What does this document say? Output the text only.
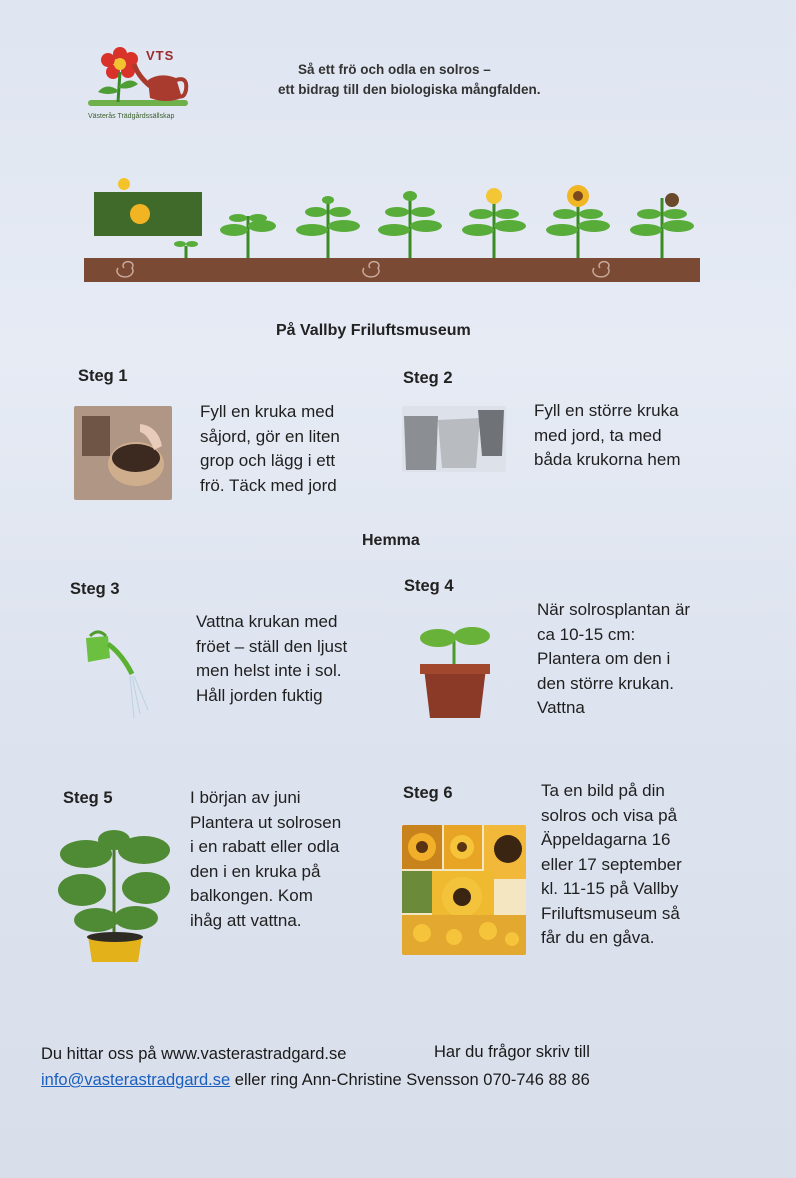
VTS
Västerås Trädgårdssällskap
Så ett frö och odla en solros –
ett bidrag till den biologiska mångfalden.
På Vallby Friluftsmuseum
Steg 1
Fyll en kruka med
såjord, gör en liten
grop och lägg i ett
frö. Täck med jord
Steg 2
Fyll en större kruka
med jord, ta med
båda krukorna hem
Hemma
Steg 3
Vattna krukan med
fröet – ställ den ljust
men helst inte i sol.
Håll jorden fuktig
Steg 4
När solrosplantan är
ca 10-15 cm:
Plantera om den i
den större krukan.
Vattna
Steg 5	I början av juni
Plantera ut solrosen
i en rabatt eller odla
den i en kruka på
balkongen. Kom
ihåg att vattna.
Steg 6	Ta en bild på din
solros och visa på
Äppeldagarna 16
eller 17 september
kl. 11-15 på Vallby
Friluftsmuseum så
får du en gåva.
Du hittar oss på www.vasterastradgard.se	Har du frågor skriv till
info@vasterastradgard.se eller ring Ann-Christine Svensson 070-746 88 86
